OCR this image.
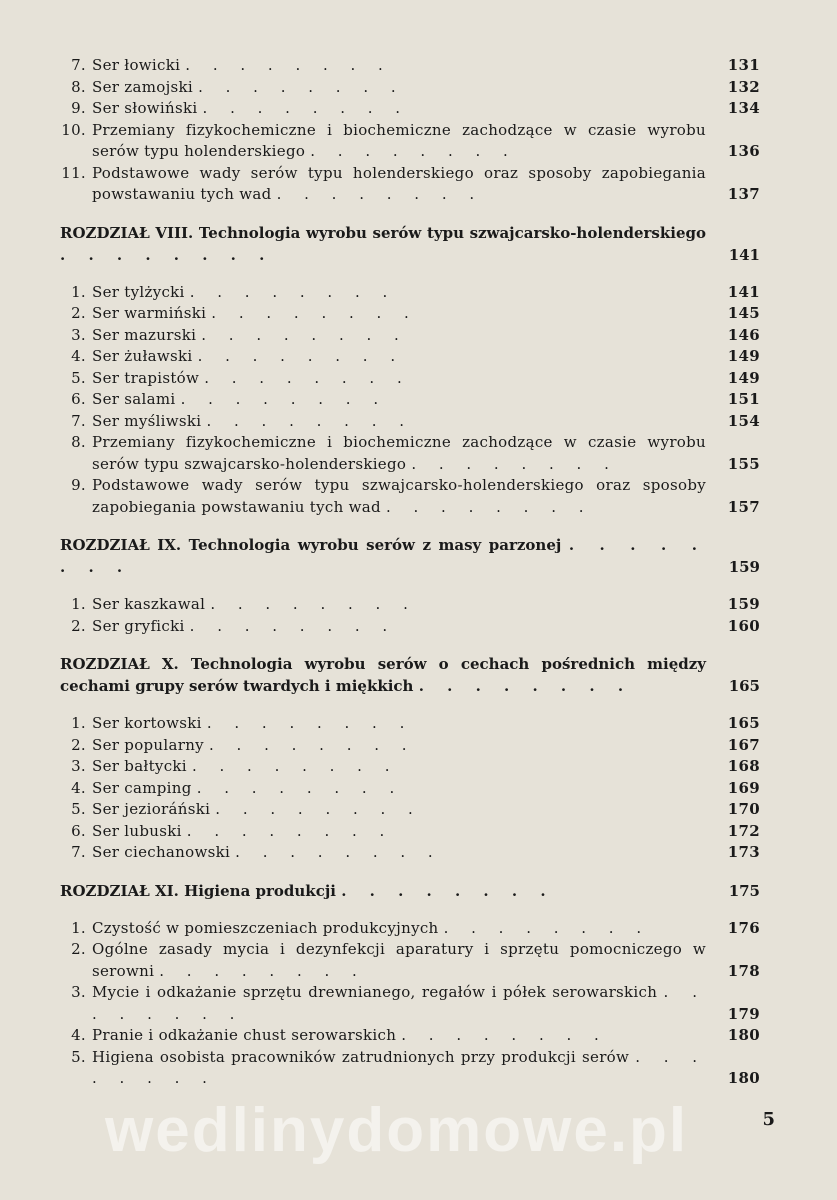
7. Ser łowicki . . . . . . . .	131
8. Ser zamojski . . . . . . . .	132
9. Ser słowiński . . . . . . . .	134
10. Przemiany fizykochemiczne i biochemiczne zachodzące w czasie wyrobu serów typu holenderskiego . . . . . . . .	136
11. Podstawowe wady serów typu holenderskiego oraz sposoby zapobiegania powstawaniu tych wad . . . . . . . .	137
ROZDZIAŁ VIII. Technologia wyrobu serów typu szwajcarsko-holenderskiego . . . . . . . .	141
1. Ser tylżycki . . . . . . . .	141
2. Ser warmiński . . . . . . . .	145
3. Ser mazurski . . . . . . . .	146
4. Ser żuławski . . . . . . . .	149
5. Ser trapistów . . . . . . . .	149
6. Ser salami . . . . . . . .	151
7. Ser myśliwski . . . . . . . .	154
8. Przemiany fizykochemiczne i biochemiczne zachodzące w czasie wyrobu serów typu szwajcarsko-holenderskiego . . . . . . . .	155
9. Podstawowe wady serów typu szwajcarsko-holenderskiego oraz sposoby zapobiegania powstawaniu tych wad . . . . . . . .	157
ROZDZIAŁ IX. Technologia wyrobu serów z masy parzonej . . . . . . . .	159
1. Ser kaszkawal . . . . . . . .	159
2. Ser gryficki . . . . . . . .	160
ROZDZIAŁ X. Technologia wyrobu serów o cechach pośrednich między cechami grupy serów twardych i miękkich . . . . . . . .	165
1. Ser kortowski . . . . . . . .	165
2. Ser popularny . . . . . . . .	167
3. Ser bałtycki . . . . . . . .	168
4. Ser camping . . . . . . . .	169
5. Ser jezioráński . . . . . . . .	170
6. Ser lubuski . . . . . . . .	172
7. Ser ciechanowski . . . . . . . .	173
ROZDZIAŁ XI. Higiena produkcji . . . . . . . .	175
1. Czystość w pomieszczeniach produkcyjnych . . . . . . . .	176
2. Ogólne zasady mycia i dezynfekcji aparatury i sprzętu pomocniczego w serowni . . . . . . . .	178
3. Mycie i odkażanie sprzętu drewnianego, regałów i półek serowarskich . . . . . . . .	179
4. Pranie i odkażanie chust serowarskich . . . . . . . .	180
5. Higiena osobista pracowników zatrudnionych przy produkcji serów . . . . . . . .	180
5
wedlinydomowe.pl
